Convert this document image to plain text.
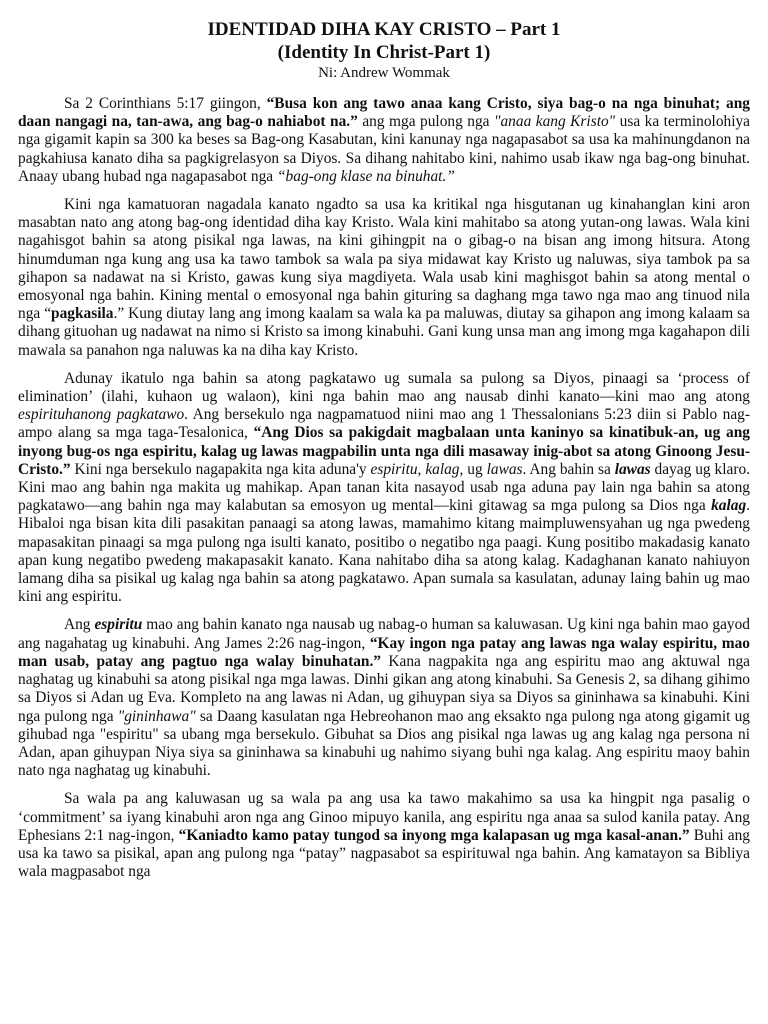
IDENTIDAD DIHA KAY CRISTO – Part 1
(Identity In Christ-Part 1)
Ni: Andrew Wommak

Sa 2 Corinthians 5:17 giingon, “Busa kon ang tawo anaa kang Cristo, siya bag-o na nga binuhat; ang daan nangagi na, tan-awa, ang bag-o nahiabot na.” ang mga pulong nga "anaa kang Kristo" usa ka terminolohiya nga gigamit kapin sa 300 ka beses sa Bag-ong Kasabutan, kini kanunay nga nagapasabot sa usa ka mahinungdanon na pagkahiusa kanato diha sa pagkigrelasyon sa Diyos. Sa dihang nahitabo kini, nahimo usab ikaw nga bag-ong binuhat. Anaay ubang hubad nga nagapasabot nga “bag-ong klase na binuhat.”

Kini nga kamatuoran nagadala kanato ngadto sa usa ka kritikal nga hisgutanan ug kinahanglan kini aron masabtan nato ang atong bag-ong identidad diha kay Kristo. Wala kini mahitabo sa atong yutan-ong lawas. Wala kini nagahisgot bahin sa atong pisikal nga lawas, na kini gihingpit na o gibag-o na bisan ang imong hitsura. Atong hinumduman nga kung ang usa ka tawo tambok sa wala pa siya midawat kay Kristo ug naluwas, siya tambok pa sa gihapon sa nadawat na si Kristo, gawas kung siya magdiyeta. Wala usab kini maghisgot bahin sa atong mental o emosyonal nga bahin. Kining mental o emosyonal nga bahin gituring sa daghang mga tawo nga mao ang tinuod nila nga “pagkasila.” Kung diutay lang ang imong kaalam sa wala ka pa maluwas, diutay sa gihapon ang imong kalaam sa dihang gituohan ug nadawat na nimo si Kristo sa imong kinabuhi. Gani kung unsa man ang imong mga kagahapon dili mawala sa panahon nga naluwas ka na diha kay Kristo.

Adunay ikatulo nga bahin sa atong pagkatawo ug sumala sa pulong sa Diyos, pinaagi sa ‘process of elimination’ (ilahi, kuhaon ug walaon), kini nga bahin mao ang nausab dinhi kanato—kini mao ang atong espirituhanong pagkatawo. Ang bersekulo nga nagpamatuod niini mao ang 1 Thessalonians 5:23 diin si Pablo nag-ampo alang sa mga taga-Tesalonica, “Ang Dios sa pakigdait magbalaan unta kaninyo sa kinatibuk-an, ug ang inyong bug-os nga espiritu, kalag ug lawas magpabilin unta nga dili masaway inig-abot sa atong Ginoong Jesu-Cristo.” Kini nga bersekulo nagapakita nga kita aduna'y espiritu, kalag, ug lawas. Ang bahin sa lawas dayag ug klaro. Kini mao ang bahin nga makita ug mahikap. Apan tanan kita nasayod usab nga aduna pay lain nga bahin sa atong pagkatawo—ang bahin nga may kalabutan sa emosyon ug mental—kini gitawag sa mga pulong sa Dios nga kalag. Hibaloi nga bisan kita dili pasakitan panaagi sa atong lawas, mamahimo kitang maimpluwensyahan ug nga pwedeng mapasakitan pinaagi sa mga pulong nga isulti kanato, positibo o negatibo nga paagi. Kung positibo makadasig kanato apan kung negatibo pwedeng makapasakit kanato. Kana nahitabo diha sa atong kalag. Kadaghanan kanato nahiuyon lamang diha sa pisikal ug kalag nga bahin sa atong pagkatawo. Apan sumala sa kasulatan, adunay laing bahin ug mao kini ang espiritu.

Ang espiritu mao ang bahin kanato nga nausab ug nabag-o human sa kaluwasan. Ug kini nga bahin mao gayod ang nagahatag ug kinabuhi. Ang James 2:26 nag-ingon, “Kay ingon nga patay ang lawas nga walay espiritu, mao man usab, patay ang pagtuo nga walay binuhatan.” Kana nagpakita nga ang espiritu mao ang aktuwal nga naghatag ug kinabuhi sa atong pisikal nga mga lawas. Dinhi gikan ang atong kinabuhi. Sa Genesis 2, sa dihang gihimo sa Diyos si Adan ug Eva. Kompleto na ang lawas ni Adan, ug gihuypan siya sa Diyos sa gininhawa sa kinabuhi. Kini nga pulong nga "gininhawa" sa Daang kasulatan nga Hebreohanon mao ang eksakto nga pulong nga atong gigamit ug gihubad nga "espiritu" sa ubang mga bersekulo. Gibuhat sa Dios ang pisikal nga lawas ug ang kalag nga persona ni Adan, apan gihuypan Niya siya sa gininhawa sa kinabuhi ug nahimo siyang buhi nga kalag. Ang espiritu maoy bahin nato nga naghatag ug kinabuhi.

Sa wala pa ang kaluwasan ug sa wala pa ang usa ka tawo makahimo sa usa ka hingpit nga pasalig o ‘commitment’ sa iyang kinabuhi aron nga ang Ginoo mipuyo kanila, ang espiritu nga anaa sa sulod kanila patay. Ang Ephesians 2:1 nag-ingon, “Kaniadto kamo patay tungod sa inyong mga kalapasan ug mga kasal-anan.” Buhi ang usa ka tawo sa pisikal, apan ang pulong nga “patay” nagpasabot sa espirituwal nga bahin. Ang kamatayon sa Bibliya wala magpasabot nga
